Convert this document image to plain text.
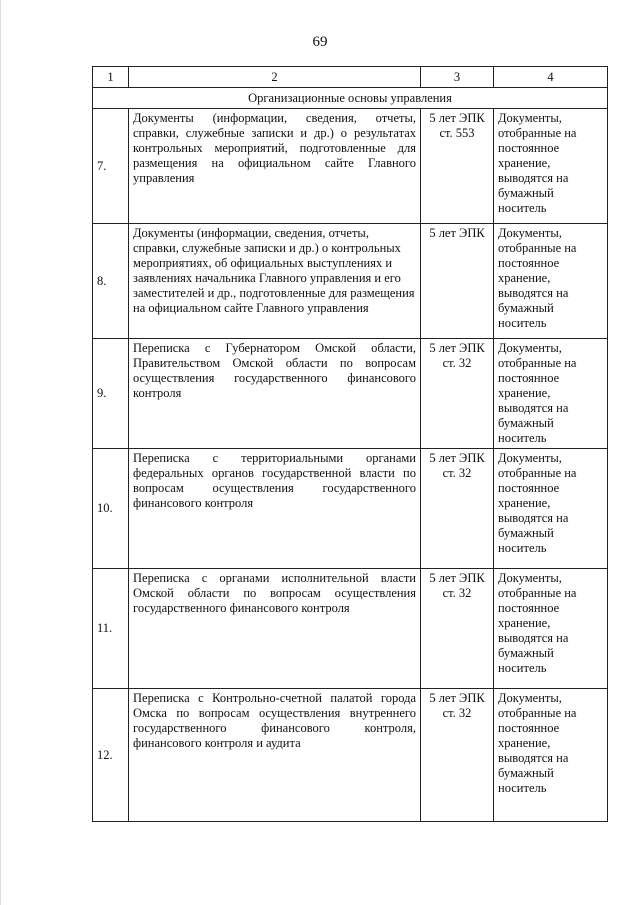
69
1	2	3	4
Организационные основы управления			
7.	Документы (информации, сведения, отчеты, справки, служебные записки и др.) о результатах контрольных мероприятий, подготовленные для размещения на официальном сайте Главного управления	5 лет ЭПК ст. 553	Документы, отобранные на постоянное хранение, выводятся на бумажный носитель
8.	Документы (информации, сведения, отчеты, справки, служебные записки и др.) о контрольных мероприятиях, об официальных выступлениях и заявлениях начальника Главного управления и его заместителей и др., подготовленные для размещения на официальном сайте Главного управления	5 лет ЭПК	Документы, отобранные на постоянное хранение, выводятся на бумажный носитель
9.	Переписка с Губернатором Омской области, Правительством Омской области по вопросам осуществления государственного финансового контроля	5 лет ЭПК ст. 32	Документы, отобранные на постоянное хранение, выводятся на бумажный носитель
10.	Переписка с территориальными органами федеральных органов государственной власти по вопросам осуществления государственного финансового контроля	5 лет ЭПК ст. 32	Документы, отобранные на постоянное хранение, выводятся на бумажный носитель
11.	Переписка с органами исполнительной власти Омской области по вопросам осуществления государственного финансового контроля	5 лет ЭПК ст. 32	Документы, отобранные на постоянное хранение, выводятся на бумажный носитель
12.	Переписка с Контрольно-счетной палатой города Омска по вопросам осуществления внутреннего государственного финансового контроля, финансового контроля и аудита	5 лет ЭПК ст. 32	Документы, отобранные на постоянное хранение, выводятся на бумажный носитель
